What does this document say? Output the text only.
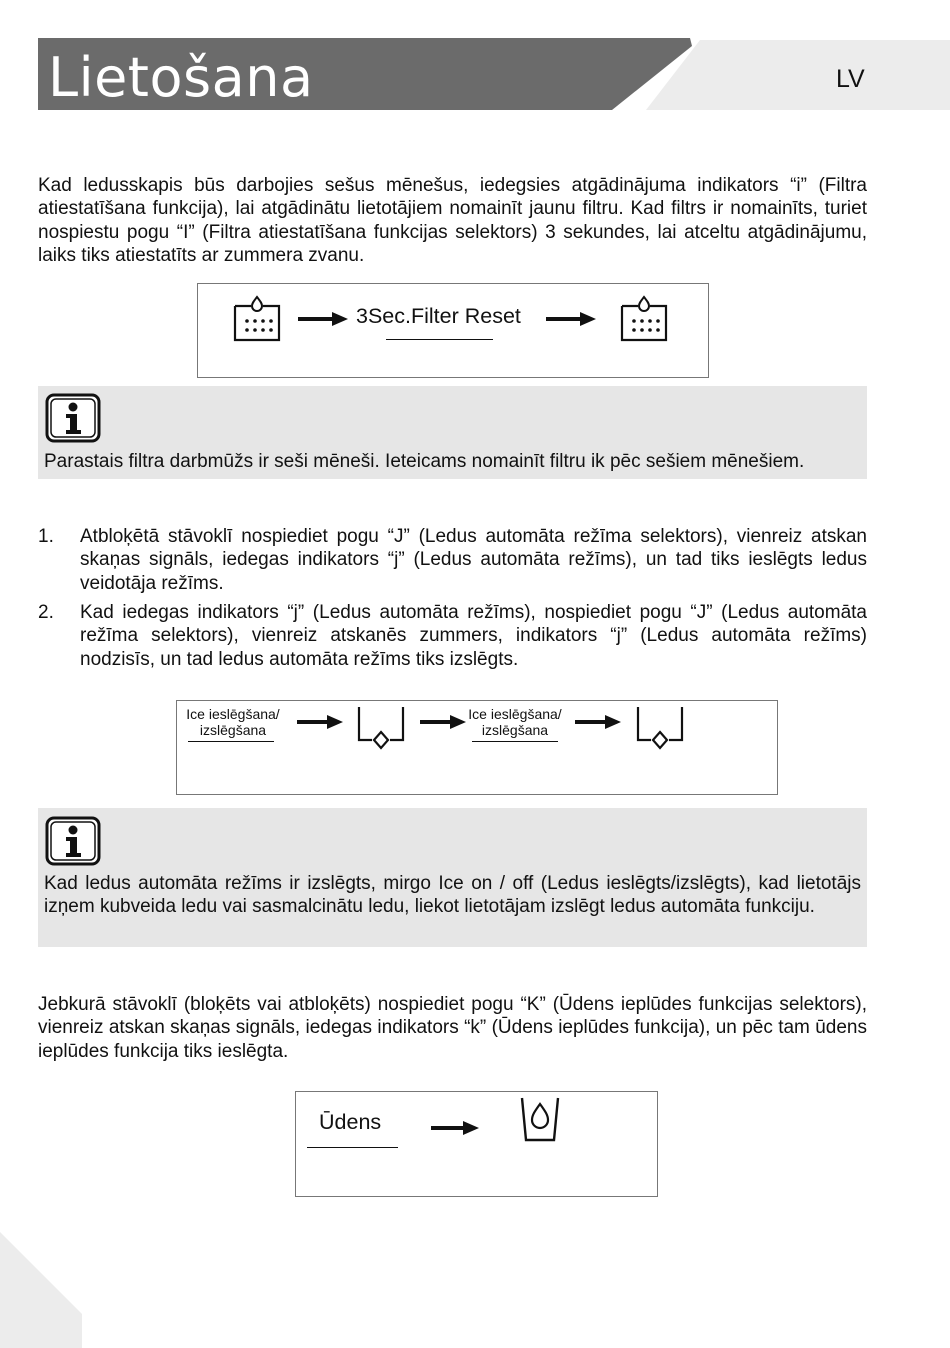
Lietošana	LV

Kad ledusskapis būs darbojies sešus mēnešus, iedegsies atgādinājuma indikators “i” (Filtra atiestatīšana funkcija), lai atgādinātu lietotājiem nomainīt jaunu filtru. Kad filtrs ir nomainīts, turiet nospiestu pogu “I” (Filtra atiestatīšana funkcijas selektors) 3 sekundes, lai atceltu atgādinājumu, laiks tiks atiestatīts ar zummera zvanu.

3Sec.Filter Reset

Parastais filtra darbmūžs ir seši mēneši. Ieteicams nomainīt filtru ik pēc sešiem mēnešiem.

1. Atbloķētā stāvoklī nospiediet pogu “J” (Ledus automāta režīma selektors), vienreiz atskan skaņas signāls, iedegas indikators “j” (Ledus automāta režīms), un tad tiks ieslēgts ledus veidotāja režīms.

2. Kad iedegas indikators “j” (Ledus automāta režīms), nospiediet pogu “J” (Ledus automāta režīma selektors), vienreiz atskanēs zummers, indikators “j” (Ledus automāta režīms) nodzisīs, un tad ledus automāta režīms tiks izslēgts.

Ice ieslēgšana/
izslēgšana
Ice ieslēgšana/
izslēgšana

Kad ledus automāta režīms ir izslēgts, mirgo Ice on / off (Ledus ieslēgts/izslēgts), kad lietotājs izņem kubveida ledu vai sasmalcinātu ledu, liekot lietotājam izslēgt ledus automāta funkciju.

Jebkurā stāvoklī (bloķēts vai atbloķēts) nospiediet pogu “K” (Ūdens ieplūdes funkcijas selektors), vienreiz atskan skaņas signāls, iedegas indikators “k” (Ūdens ieplūdes funkcija), un pēc tam ūdens ieplūdes funkcija tiks ieslēgta.

Ūdens
